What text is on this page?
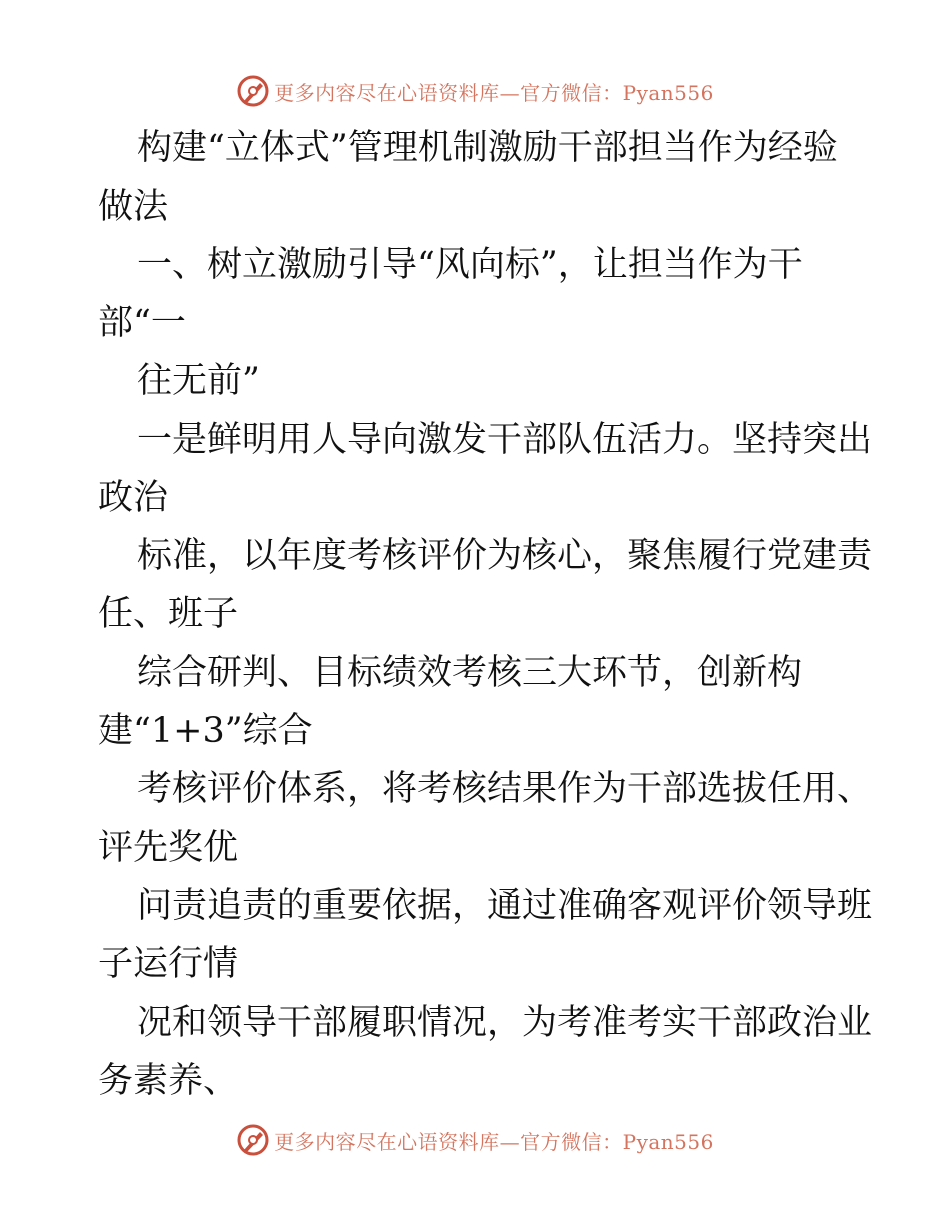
更多内容尽在心语资料库—官方微信：Pyan556
构建“立体式”管理机制激励干部担当作为经验
做法
一、树立激励引导“风向标”，让担当作为干
部“一
往无前”
一是鲜明用人导向激发干部队伍活力。坚持突出
政治
标准，以年度考核评价为核心，聚焦履行党建责
任、班子
综合研判、目标绩效考核三大环节，创新构
建“1+3”综合
考核评价体系，将考核结果作为干部选拔任用、
评先奖优
问责追责的重要依据，通过准确客观评价领导班
子运行情
况和领导干部履职情况，为考准考实干部政治业
务素养、
更多内容尽在心语资料库—官方微信：Pyan556
